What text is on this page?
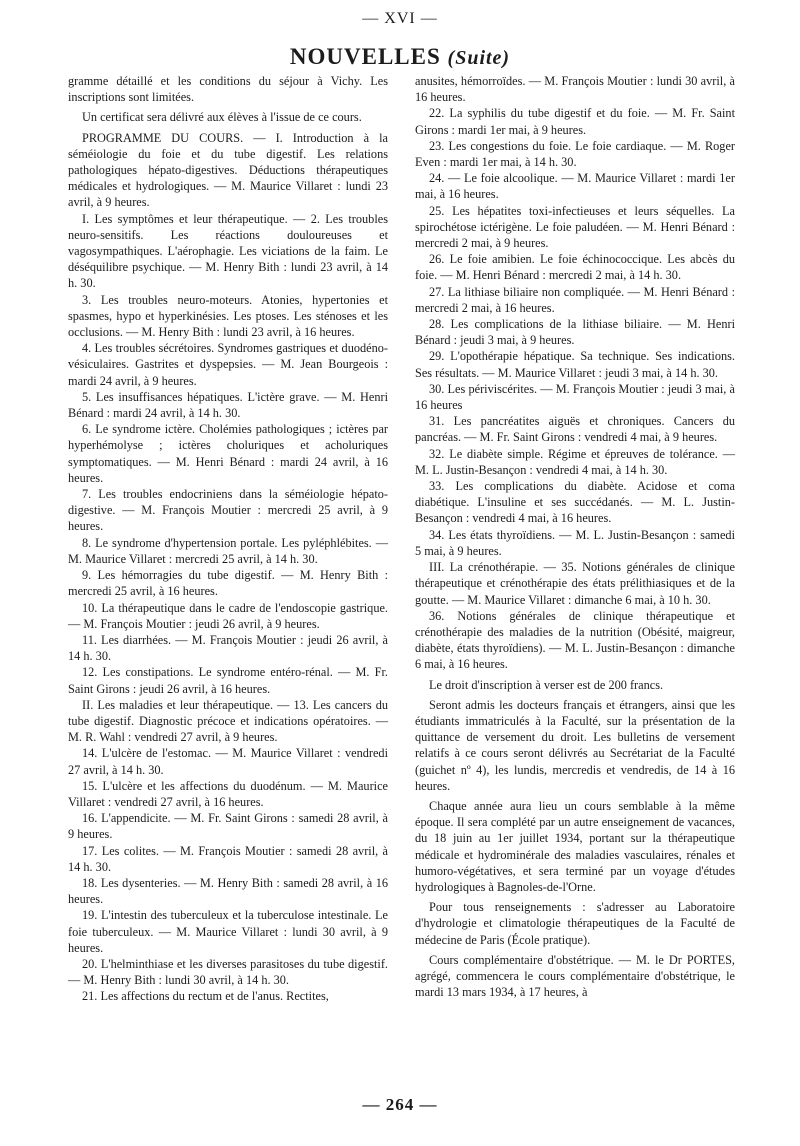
— XVI —
NOUVELLES (Suite)

gramme détaillé et les conditions du séjour à Vichy. Les inscriptions sont limitées.

Un certificat sera délivré aux élèves à l'issue de ce cours.

PROGRAMME DU COURS. — I. Introduction à la séméiologie du foie et du tube digestif. Les relations pathologiques hépato-digestives. Déductions thérapeutiques médicales et hydrologiques. — M. Maurice Villaret : lundi 23 avril, à 9 heures.

I. Les symptômes et leur thérapeutique. — 2. Les troubles neuro-sensitifs. Les réactions douloureuses et vagosympathiques. L'aérophagie. Les viciations de la faim. Le déséquilibre psychique. — M. Henry Bith : lundi 23 avril, à 14 h. 30.

3. Les troubles neuro-moteurs. Atonies, hypertonies et spasmes, hypo et hyperkinésies. Les ptoses. Les sténoses et les occlusions. — M. Henry Bith : lundi 23 avril, à 16 heures.

4. Les troubles sécrétoires. Syndromes gastriques et duodéno-vésiculaires. Gastrites et dyspepsies. — M. Jean Bourgeois : mardi 24 avril, à 9 heures.

5. Les insuffisances hépatiques. L'ictère grave. — M. Henri Bénard : mardi 24 avril, à 14 h. 30.

6. Le syndrome ictère. Cholémies pathologiques ; ictères par hyperhémolyse ; ictères choluriques et acholuriques symptomatiques. — M. Henri Bénard : mardi 24 avril, à 16 heures.

7. Les troubles endocriniens dans la séméiologie hépato-digestive. — M. François Moutier : mercredi 25 avril, à 9 heures.

8. Le syndrome d'hypertension portale. Les pyléphlébites. — M. Maurice Villaret : mercredi 25 avril, à 14 h. 30.

9. Les hémorragies du tube digestif. — M. Henry Bith : mercredi 25 avril, à 16 heures.

10. La thérapeutique dans le cadre de l'endoscopie gastrique. — M. François Moutier : jeudi 26 avril, à 9 heures.

11. Les diarrhées. — M. François Moutier : jeudi 26 avril, à 14 h. 30.

12. Les constipations. Le syndrome entéro-rénal. — M. Fr. Saint Girons : jeudi 26 avril, à 16 heures.

II. Les maladies et leur thérapeutique. — 13. Les cancers du tube digestif. Diagnostic précoce et indications opératoires. — M. R. Wahl : vendredi 27 avril, à 9 heures.

14. L'ulcère de l'estomac. — M. Maurice Villaret : vendredi 27 avril, à 14 h. 30.

15. L'ulcère et les affections du duodénum. — M. Maurice Villaret : vendredi 27 avril, à 16 heures.

16. L'appendicite. — M. Fr. Saint Girons : samedi 28 avril, à 9 heures.

17. Les colites. — M. François Moutier : samedi 28 avril, à 14 h. 30.

18. Les dysenteries. — M. Henry Bith : samedi 28 avril, à 16 heures.

19. L'intestin des tuberculeux et la tuberculose intestinale. Le foie tuberculeux. — M. Maurice Villaret : lundi 30 avril, à 9 heures.

20. L'helminthiase et les diverses parasitoses du tube digestif. — M. Henry Bith : lundi 30 avril, à 14 h. 30.

21. Les affections du rectum et de l'anus. Rectites,

anusites, hémorroïdes. — M. François Moutier : lundi 30 avril, à 16 heures.

22. La syphilis du tube digestif et du foie. — M. Fr. Saint Girons : mardi 1er mai, à 9 heures.

23. Les congestions du foie. Le foie cardiaque. — M. Roger Even : mardi 1er mai, à 14 h. 30.

24. — Le foie alcoolique. — M. Maurice Villaret : mardi 1er mai, à 16 heures.

25. Les hépatites toxi-infectieuses et leurs séquelles. La spirochétose ictérigène. Le foie paludéen. — M. Henri Bénard : mercredi 2 mai, à 9 heures.

26. Le foie amibien. Le foie échinococcique. Les abcès du foie. — M. Henri Bénard : mercredi 2 mai, à 14 h. 30.

27. La lithiase biliaire non compliquée. — M. Henri Bénard : mercredi 2 mai, à 16 heures.

28. Les complications de la lithiase biliaire. — M. Henri Bénard : jeudi 3 mai, à 9 heures.

29. L'opothérapie hépatique. Sa technique. Ses indications. Ses résultats. — M. Maurice Villaret : jeudi 3 mai, à 14 h. 30.

30. Les périviscérites. — M. François Moutier : jeudi 3 mai, à 16 heures

31. Les pancréatites aiguës et chroniques. Cancers du pancréas. — M. Fr. Saint Girons : vendredi 4 mai, à 9 heures.

32. Le diabète simple. Régime et épreuves de tolérance. — M. L. Justin-Besançon : vendredi 4 mai, à 14 h. 30.

33. Les complications du diabète. Acidose et coma diabétique. L'insuline et ses succédanés. — M. L. Justin-Besançon : vendredi 4 mai, à 16 heures.

34. Les états thyroïdiens. — M. L. Justin-Besançon : samedi 5 mai, à 9 heures.

III. La crénothérapie. — 35. Notions générales de clinique thérapeutique et crénothérapie des états prélithiasiques et de la goutte. — M. Maurice Villaret : dimanche 6 mai, à 10 h. 30.

36. Notions générales de clinique thérapeutique et crénothérapie des maladies de la nutrition (Obésité, maigreur, diabète, états thyroïdiens). — M. L. Justin-Besançon : dimanche 6 mai, à 16 heures.

Le droit d'inscription à verser est de 200 francs.

Seront admis les docteurs français et étrangers, ainsi que les étudiants immatriculés à la Faculté, sur la présentation de la quittance de versement du droit. Les bulletins de versement relatifs à ce cours seront délivrés au Secrétariat de la Faculté (guichet nº 4), les lundis, mercredis et vendredis, de 14 à 16 heures.

Chaque année aura lieu un cours semblable à la même époque. Il sera complété par un autre enseignement de vacances, du 18 juin au 1er juillet 1934, portant sur la thérapeutique médicale et hydrominérale des maladies vasculaires, rénales et humoro-végétatives, et sera terminé par un voyage d'études hydrologiques à Bagnoles-de-l'Orne.

Pour tous renseignements : s'adresser au Laboratoire d'hydrologie et climatologie thérapeutiques de la Faculté de médecine de Paris (École pratique).

Cours complémentaire d'obstétrique. — M. le Dr PORTES, agrégé, commencera le cours complémentaire d'obstétrique, le mardi 13 mars 1934, à 17 heures, à

— 264 —
